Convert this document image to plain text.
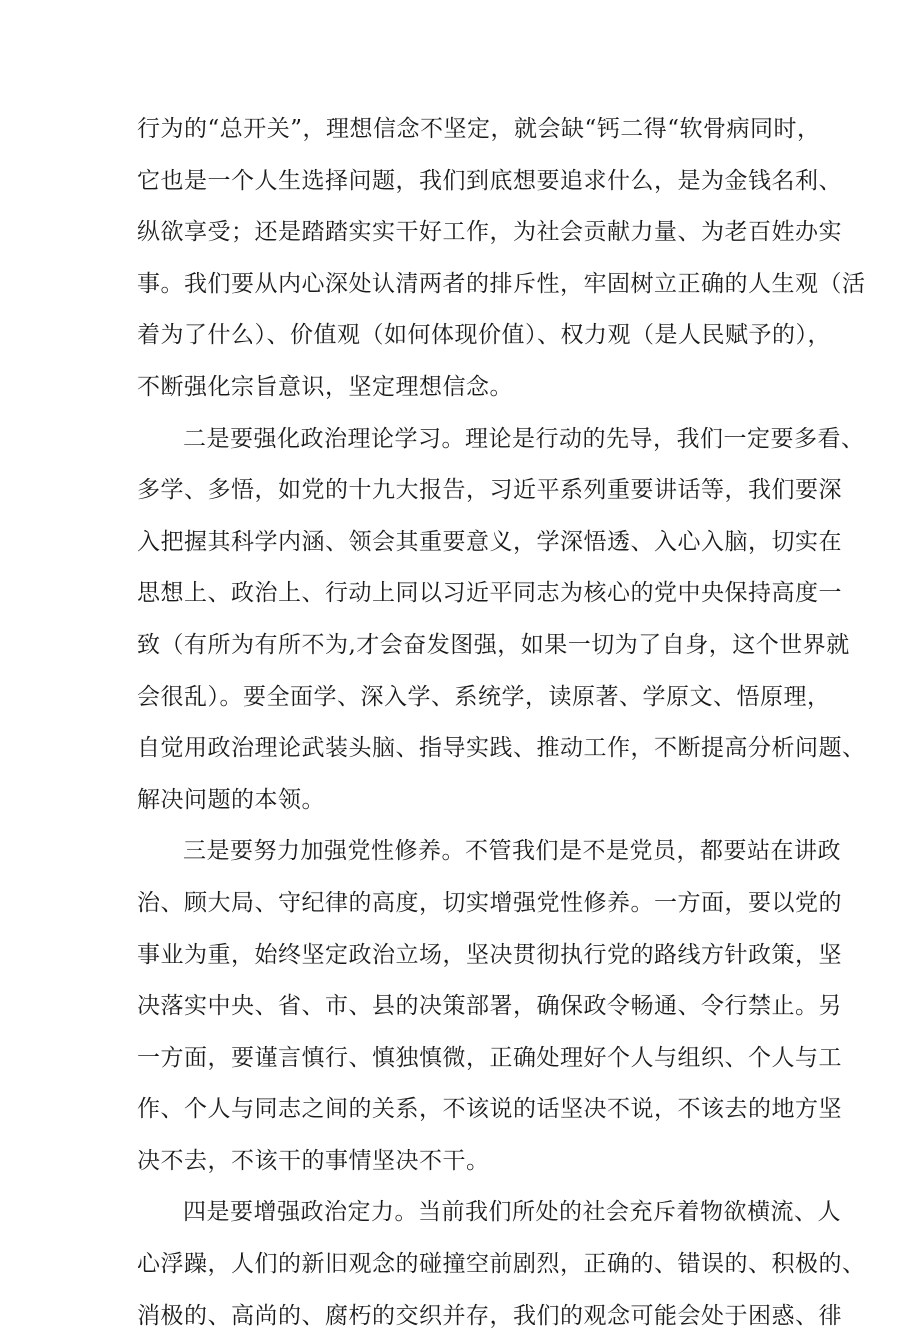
行为的“总开关”，理想信念不坚定，就会缺“钙二得“软骨病同时，
它也是一个人生选择问题，我们到底想要追求什么，是为金钱名利、
纵欲享受；还是踏踏实实干好工作，为社会贡献力量、为老百姓办实
事。我们要从内心深处认清两者的排斥性，牢固树立正确的人生观（活
着为了什么）、价值观（如何体现价值）、权力观（是人民赋予的），
不断强化宗旨意识，坚定理想信念。
二是要强化政治理论学习。理论是行动的先导，我们一定要多看、
多学、多悟，如党的十九大报告，习近平系列重要讲话等，我们要深
入把握其科学内涵、领会其重要意义，学深悟透、入心入脑，切实在
思想上、政治上、行动上同以习近平同志为核心的党中央保持高度一
致（有所为有所不为,才会奋发图强，如果一切为了自身，这个世界就
会很乱）。要全面学、深入学、系统学，读原著、学原文、悟原理，
自觉用政治理论武装头脑、指导实践、推动工作，不断提高分析问题、
解决问题的本领。
三是要努力加强党性修养。不管我们是不是党员，都要站在讲政
治、顾大局、守纪律的高度，切实增强党性修养。一方面，要以党的
事业为重，始终坚定政治立场，坚决贯彻执行党的路线方针政策，坚
决落实中央、省、市、县的决策部署，确保政令畅通、令行禁止。另
一方面，要谨言慎行、慎独慎微，正确处理好个人与组织、个人与工
作、个人与同志之间的关系，不该说的话坚决不说，不该去的地方坚
决不去，不该干的事情坚决不干。
四是要增强政治定力。当前我们所处的社会充斥着物欲横流、人
心浮躁，人们的新旧观念的碰撞空前剧烈，正确的、错误的、积极的、
消极的、高尚的、腐朽的交织并存，我们的观念可能会处于困惑、徘
